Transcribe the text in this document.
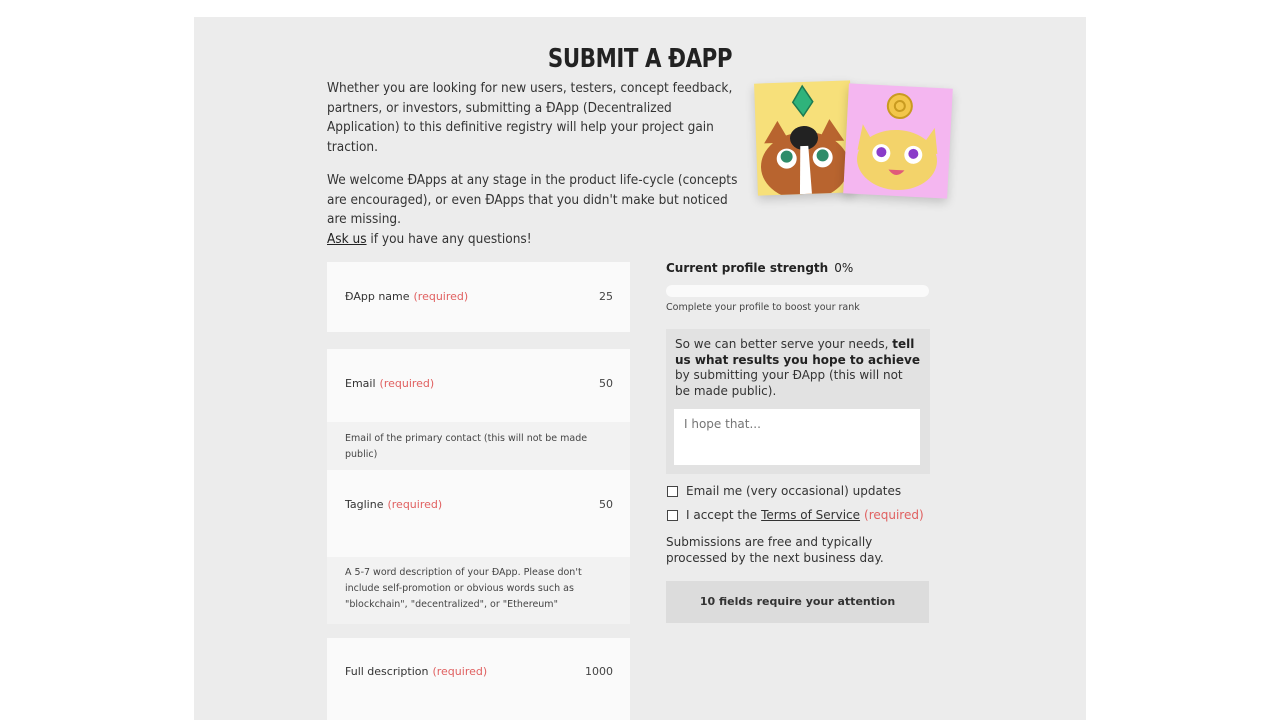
SUBMIT A ĐAPP

Whether you are looking for new users, testers, concept feedback, partners, or investors, submitting a ĐApp (Decentralized Application) to this definitive registry will help your project gain traction.

We welcome ĐApps at any stage in the product life-cycle (concepts are encouraged), or even ĐApps that you didn't make but noticed are missing.
Ask us if you have any questions!

ĐApp name (required)	25
Email (required)	50
Email of the primary contact (this will not be made public)
Tagline (required)	50
A 5-7 word description of your ĐApp. Please don't include self-promotion or obvious words such as "blockchain", "decentralized", or "Ethereum"
Full description (required)	1000
Current profile strength 0%
Complete your profile to boost your rank
So we can better serve your needs, tell us what results you hope to achieve by submitting your ĐApp (this will not be made public).
I hope that...
Email me (very occasional) updates
I accept the Terms of Service (required)
Submissions are free and typically processed by the next business day.
10 fields require your attention
